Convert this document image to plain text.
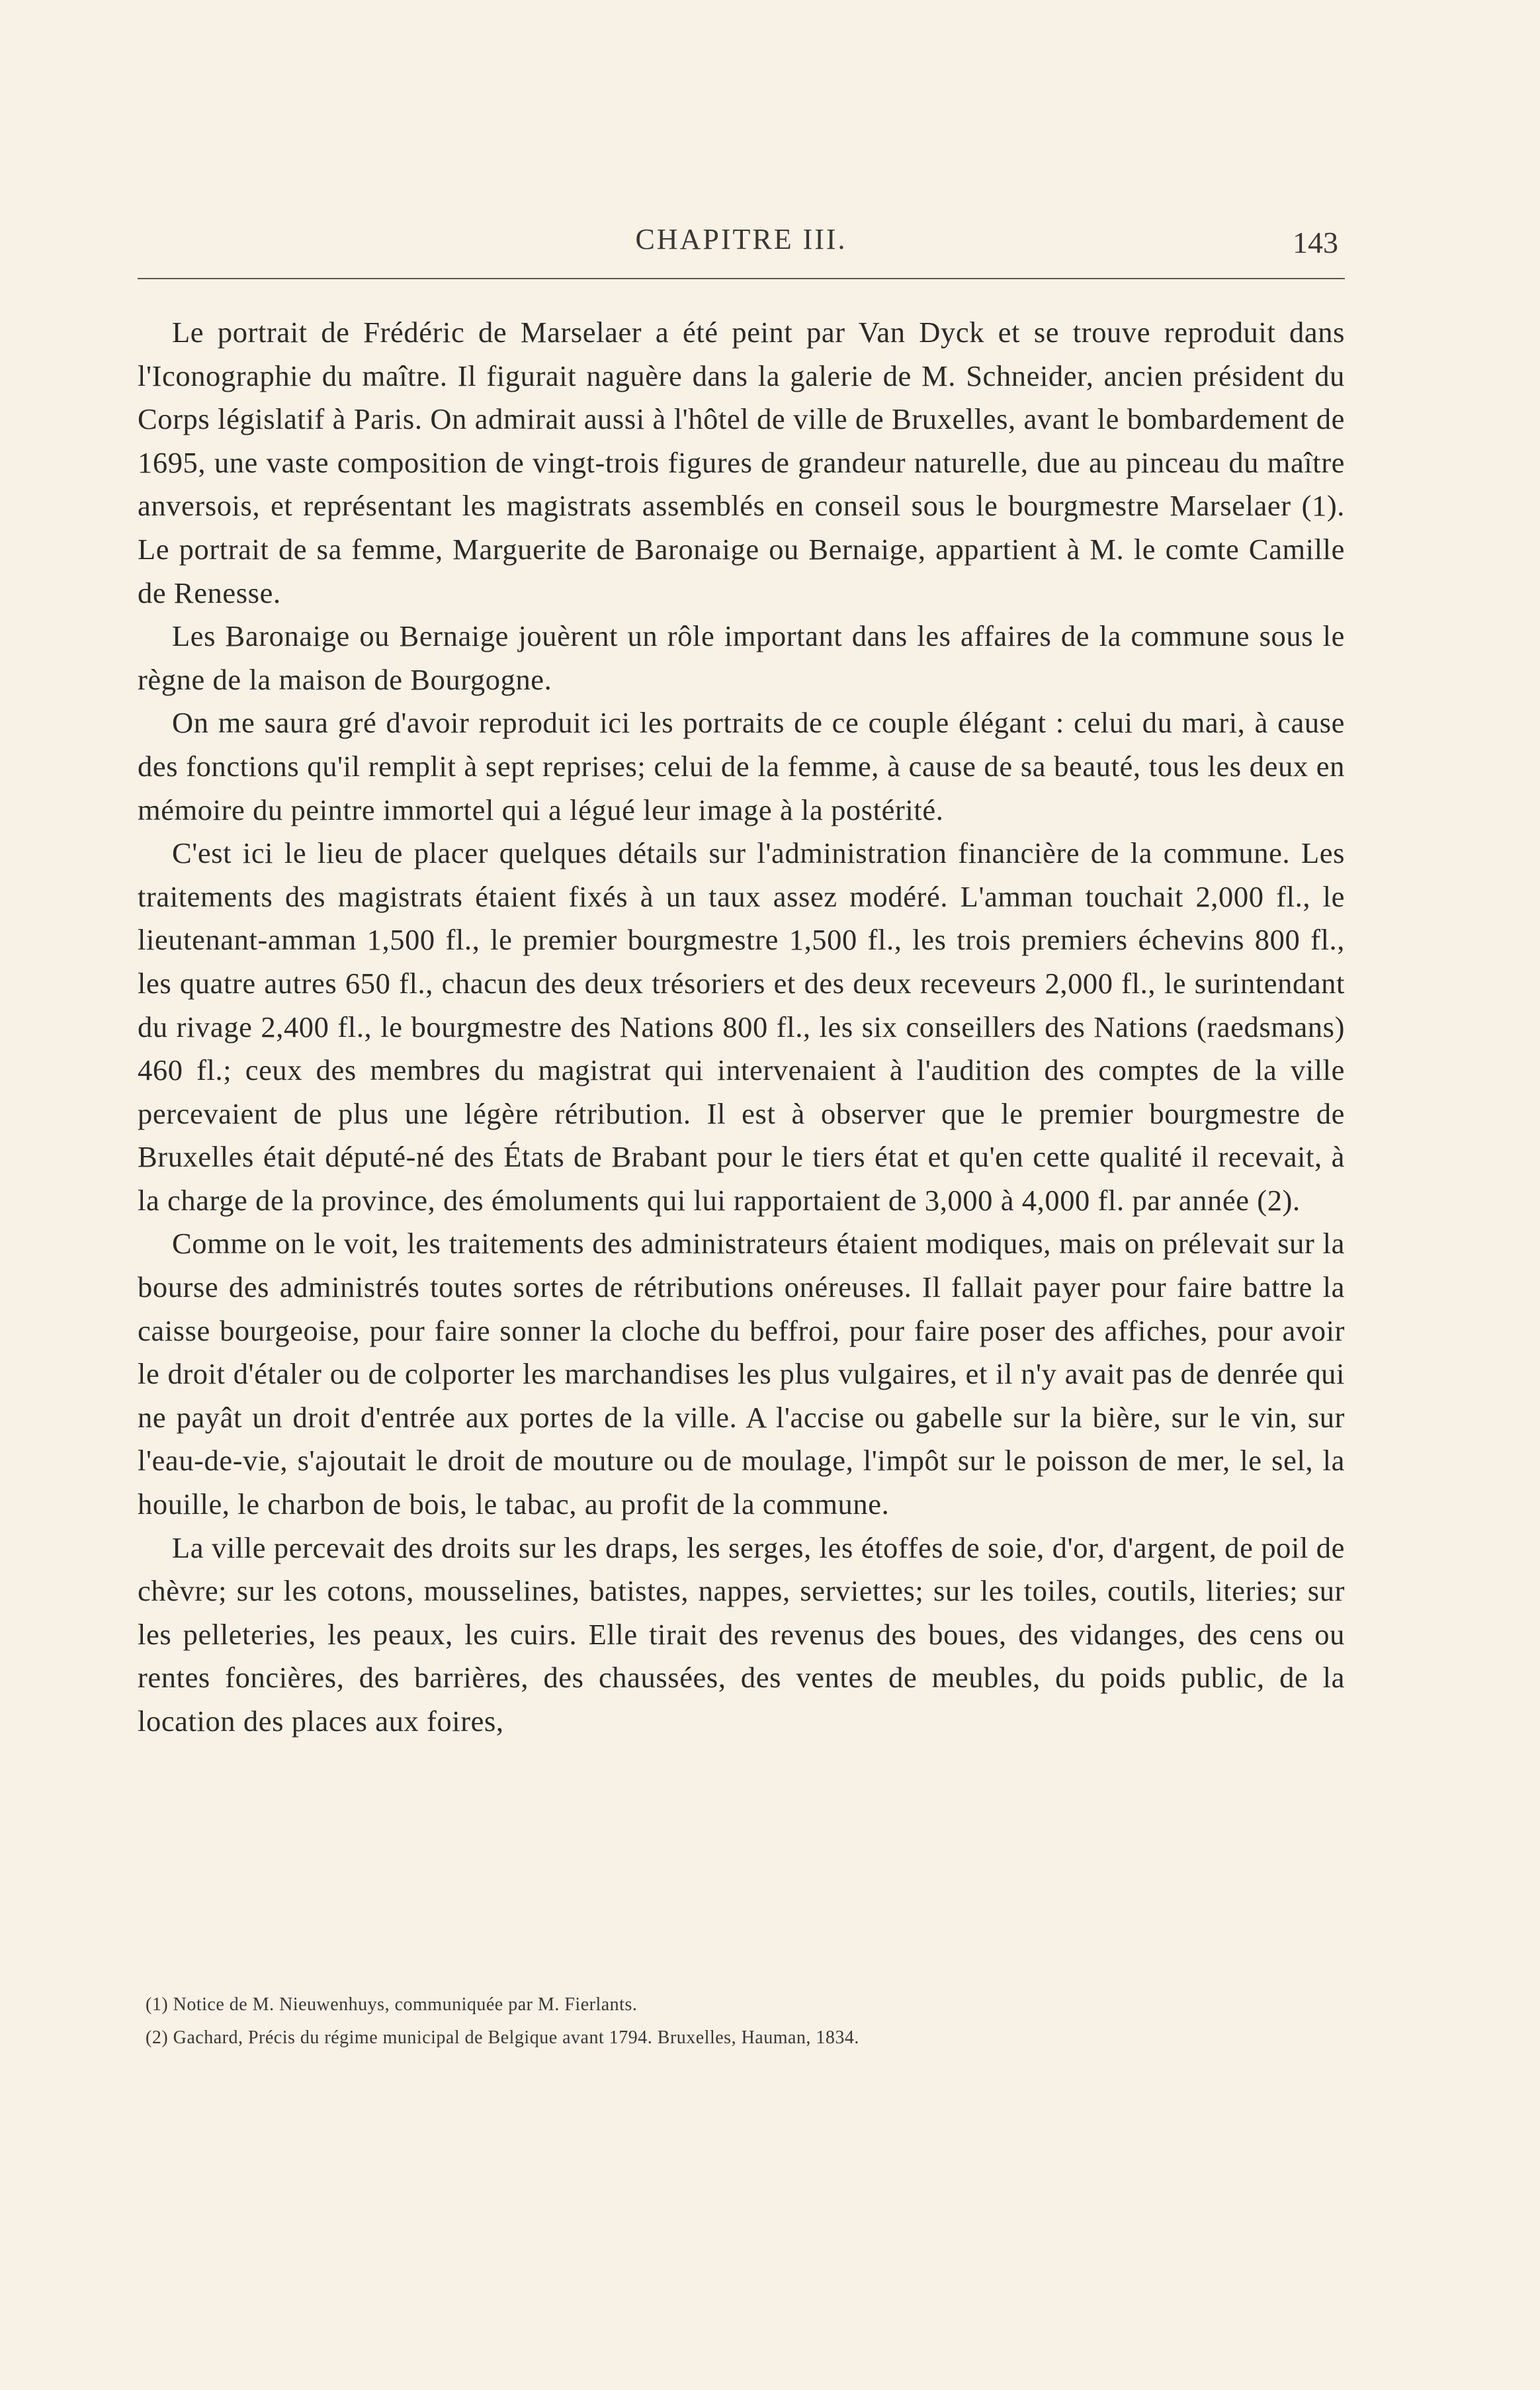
CHAPITRE III.	143

Le portrait de Frédéric de Marselaer a été peint par Van Dyck et se trouve reproduit dans l'Iconographie du maître. Il figurait naguère dans la galerie de M. Schneider, ancien président du Corps législatif à Paris. On admirait aussi à l'hôtel de ville de Bruxelles, avant le bombardement de 1695, une vaste composition de vingt-trois figures de grandeur naturelle, due au pinceau du maître anversois, et représentant les magistrats assemblés en conseil sous le bourgmestre Marselaer (1). Le portrait de sa femme, Marguerite de Baronaige ou Bernaige, appartient à M. le comte Camille de Renesse.

Les Baronaige ou Bernaige jouèrent un rôle important dans les affaires de la commune sous le règne de la maison de Bourgogne.

On me saura gré d'avoir reproduit ici les portraits de ce couple élégant : celui du mari, à cause des fonctions qu'il remplit à sept reprises; celui de la femme, à cause de sa beauté, tous les deux en mémoire du peintre immortel qui a légué leur image à la postérité.

C'est ici le lieu de placer quelques détails sur l'administration financière de la commune. Les traitements des magistrats étaient fixés à un taux assez modéré. L'amman touchait 2,000 fl., le lieutenant-amman 1,500 fl., le premier bourgmestre 1,500 fl., les trois premiers échevins 800 fl., les quatre autres 650 fl., chacun des deux trésoriers et des deux receveurs 2,000 fl., le surintendant du rivage 2,400 fl., le bourgmestre des Nations 800 fl., les six conseillers des Nations (raedsmans) 460 fl.; ceux des membres du magistrat qui intervenaient à l'audition des comptes de la ville percevaient de plus une légère rétribution. Il est à observer que le premier bourgmestre de Bruxelles était député-né des États de Brabant pour le tiers état et qu'en cette qualité il recevait, à la charge de la province, des émoluments qui lui rapportaient de 3,000 à 4,000 fl. par année (2).

Comme on le voit, les traitements des administrateurs étaient modiques, mais on prélevait sur la bourse des administrés toutes sortes de rétributions onéreuses. Il fallait payer pour faire battre la caisse bourgeoise, pour faire sonner la cloche du beffroi, pour faire poser des affiches, pour avoir le droit d'étaler ou de colporter les marchandises les plus vulgaires, et il n'y avait pas de denrée qui ne payât un droit d'entrée aux portes de la ville. A l'accise ou gabelle sur la bière, sur le vin, sur l'eau-de-vie, s'ajoutait le droit de mouture ou de moulage, l'impôt sur le poisson de mer, le sel, la houille, le charbon de bois, le tabac, au profit de la commune.

La ville percevait des droits sur les draps, les serges, les étoffes de soie, d'or, d'argent, de poil de chèvre; sur les cotons, mousselines, batistes, nappes, serviettes; sur les toiles, coutils, literies; sur les pelleteries, les peaux, les cuirs. Elle tirait des revenus des boues, des vidanges, des cens ou rentes foncières, des barrières, des chaussées, des ventes de meubles, du poids public, de la location des places aux foires,

(1) Notice de M. Nieuwenhuys, communiquée par M. Fierlants.

(2) Gachard, Précis du régime municipal de Belgique avant 1794. Bruxelles, Hauman, 1834.
